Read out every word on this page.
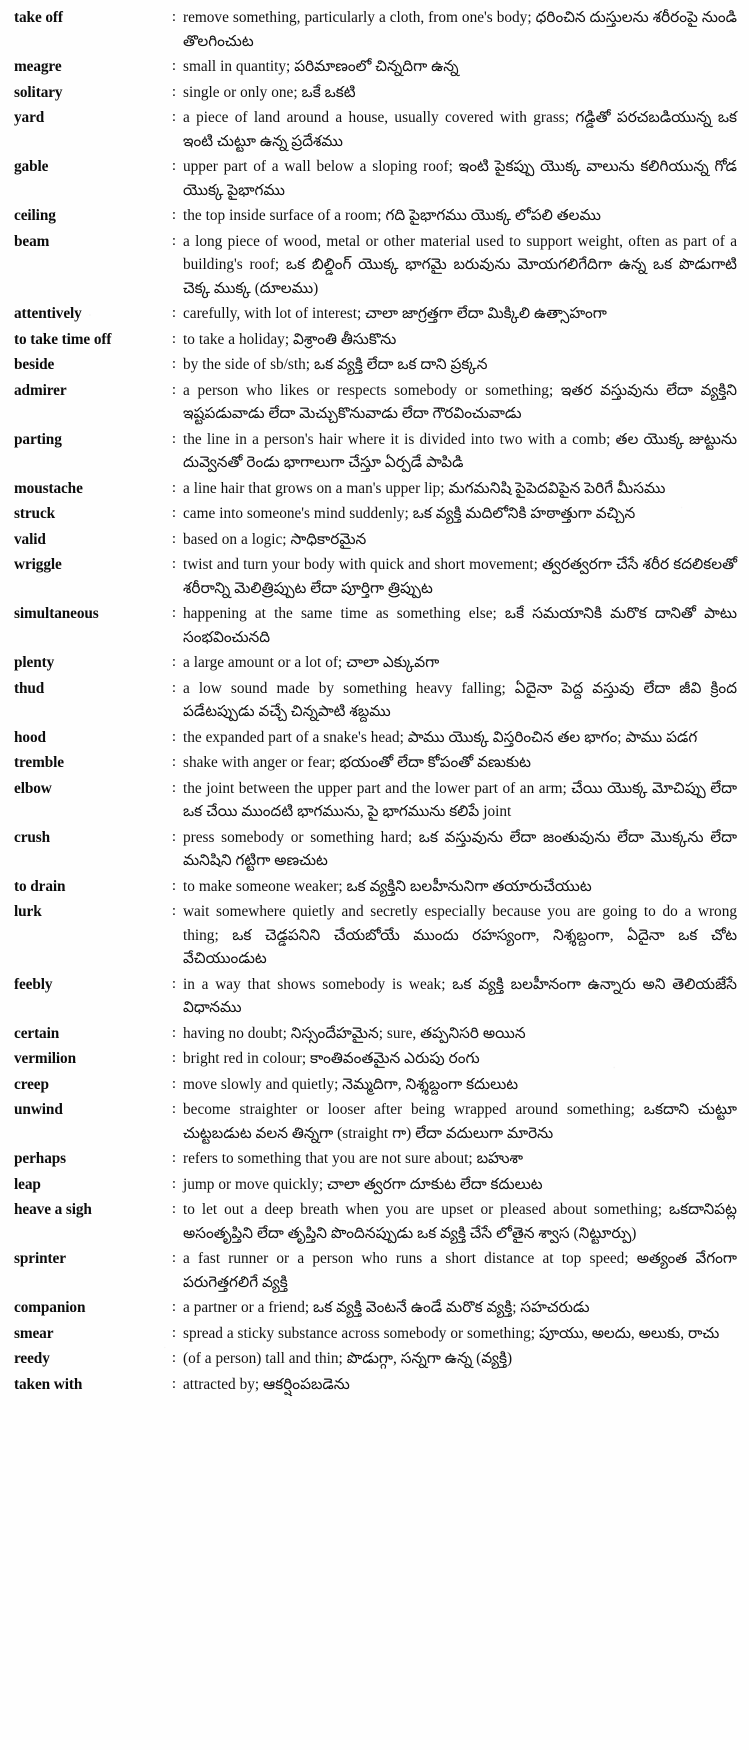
take off	: remove something, particularly a cloth, from one's body; ధరించిన దుస్తులను శరీరంపై నుండి తొలగించుట
meagre	: small in quantity; పరిమాణంలో చిన్నదిగా ఉన్న
solitary	: single or only one; ఒకే ఒకటి
yard	: a piece of land around a house, usually covered with grass; గడ్డితో పరచబడియున్న ఒక ఇంటి చుట్టూ ఉన్న ప్రదేశము
gable	: upper part of a wall below a sloping roof; ఇంటి పైకప్పు యొక్క వాలును కలిగియున్న గోడ యొక్క పైభాగము
ceiling	: the top inside surface of a room; గది పైభాగము యొక్క లోపలి తలము
beam	: a long piece of wood, metal or other material used to support weight, often as part of a building's roof; ఒక బిల్డింగ్ యొక్క భాగమై బరువును మోయగలిగేదిగా ఉన్న ఒక పొడుగాటి చెక్క ముక్క (దూలము)
attentively	: carefully, with lot of interest; చాలా జాగ్రత్తగా లేదా మిక్కిలి ఉత్సాహంగా
to take time off	: to take a holiday; విశ్రాంతి తీసుకొను
beside	: by the side of sb/sth; ఒక వ్యక్తి లేదా ఒక దాని ప్రక్కన
admirer	: a person who likes or respects somebody or something; ఇతర వస్తువును లేదా వ్యక్తిని ఇష్టపడువాడు లేదా మెచ్చుకొనువాడు లేదా గౌరవించువాడు
parting	: the line in a person's hair where it is divided into two with a comb; తల యొక్క జుట్టును దువ్వెనతో రెండు భాగాలుగా చేస్తూ ఏర్పడే పాపిడి
moustache	: a line hair that grows on a man's upper lip; మగమనిషి పైపెదవిపైన పెరిగే మీసము
struck	: came into someone's mind suddenly; ఒక వ్యక్తి మదిలోనికి హఠాత్తుగా వచ్చిన
valid	: based on a logic; సాధికారమైన
wriggle	: twist and turn your body with quick and short movement; త్వరత్వరగా చేసే శరీర కదలికలతో శరీరాన్ని మెలిత్రిప్పుట లేదా పూర్తిగా త్రిప్పుట
simultaneous	: happening at the same time as something else; ఒకే సమయానికి మరొక దానితో పాటు సంభవించునది
plenty	: a large amount or a lot of; చాలా ఎక్కువగా
thud	: a low sound made by something heavy falling; ఏదైనా పెద్ద వస్తువు లేదా జీవి క్రింద పడేటప్పుడు వచ్చే చిన్నపాటి శబ్దము
hood	: the expanded part of a snake's head; పాము యొక్క విస్తరించిన తల భాగం; పాము పడగ
tremble	: shake with anger or fear; భయంతో లేదా కోపంతో వణుకుట
elbow	: the joint between the upper part and the lower part of an arm; చేయి యొక్క మోచిప్పు లేదా ఒక చేయి ముందటి భాగమును, పై భాగమును కలిపే joint
crush	: press somebody or something hard; ఒక వస్తువును లేదా జంతువును లేదా మొక్కను లేదా మనిషిని గట్టిగా అణచుట
to drain	: to make someone weaker; ఒక వ్యక్తిని బలహీనునిగా తయారుచేయుట
lurk	: wait somewhere quietly and secretly especially because you are going to do a wrong thing; ఒక చెడ్డపనిని చేయబోయే ముందు రహస్యంగా, నిశ్శబ్దంగా, ఏదైనా ఒక చోట వేచియుండుట
feebly	: in a way that shows somebody is weak; ఒక వ్యక్తి బలహీనంగా ఉన్నారు అని తెలియజేసే విధానము
certain	: having no doubt; నిస్సందేహమైన; sure, తప్పనిసరి అయిన
vermilion	: bright red in colour; కాంతివంతమైన ఎరుపు రంగు
creep	: move slowly and quietly; నెమ్మదిగా, నిశ్శబ్దంగా కదులుట
unwind	: become straighter or looser after being wrapped around something; ఒకదాని చుట్టూ చుట్టబడుట వలన తిన్నగా (straight గా) లేదా వదులుగా మారెను
perhaps	: refers to something that you are not sure about; బహుశా
leap	: jump or move quickly; చాలా త్వరగా దూకుట లేదా కదులుట
heave a sigh	: to let out a deep breath when you are upset or pleased about something; ఒకదానిపట్ల అసంతృప్తిని లేదా తృప్తిని పొందినప్పుడు ఒక వ్యక్తి చేసే లోతైన శ్వాస (నిట్టూర్పు)
sprinter	: a fast runner or a person who runs a short distance at top speed; అత్యంత వేగంగా పరుగెత్తగలిగే వ్యక్తి
companion	: a partner or a friend; ఒక వ్యక్తి వెంటనే ఉండే మరొక వ్యక్తి; సహచరుడు
smear	: spread a sticky substance across somebody or something; పూయు, అలదు, అలుకు, రాచు
reedy	: (of a person) tall and thin; పొడుగ్గా, సన్నగా ఉన్న (వ్యక్తి)
taken with	: attracted by; ఆకర్షింపబడెను
